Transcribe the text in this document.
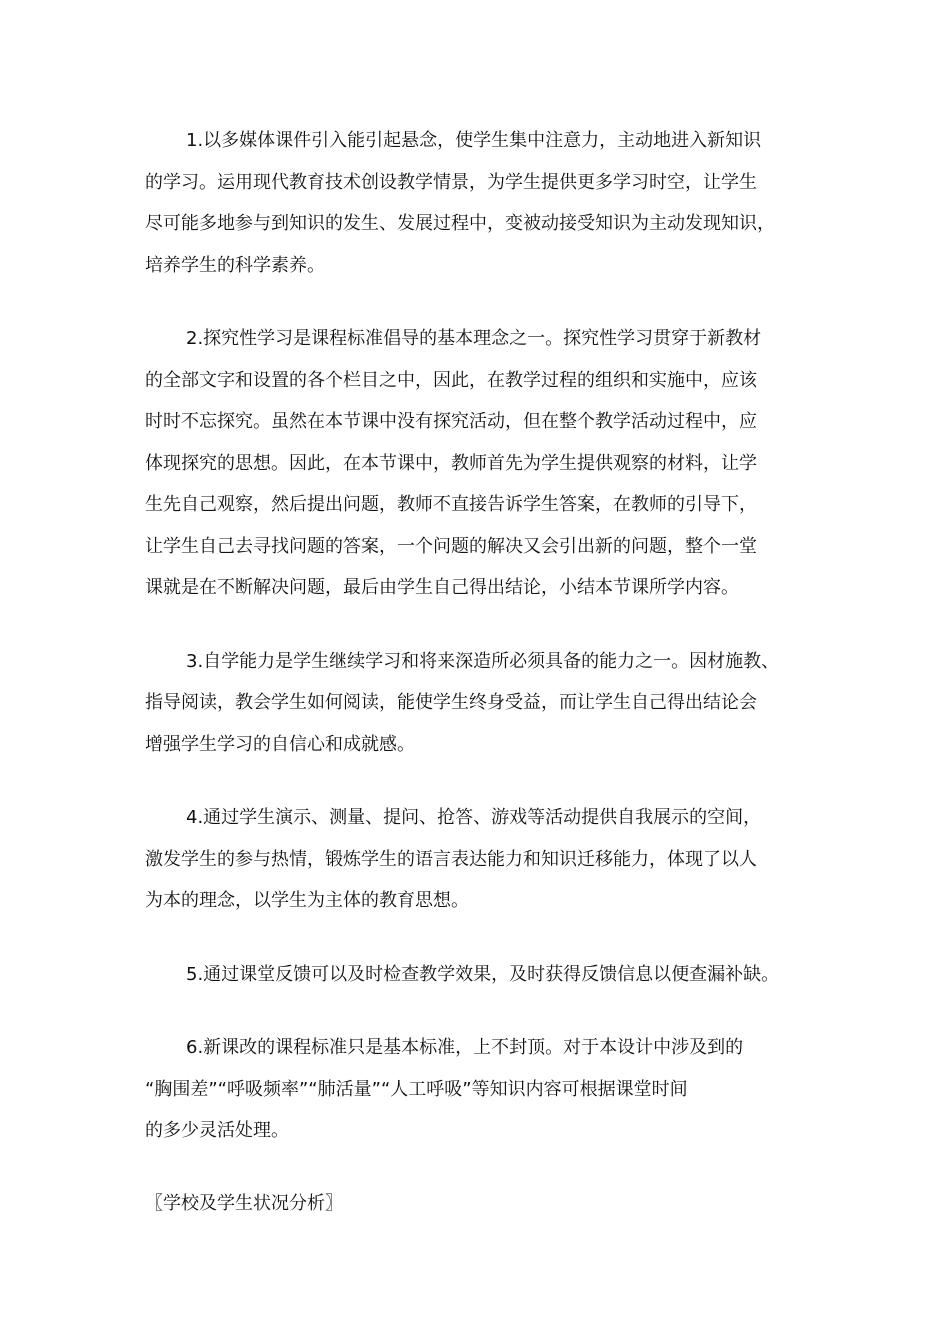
1.以多媒体课件引入能引起悬念，使学生集中注意力，主动地进入新知识
的学习。运用现代教育技术创设教学情景，为学生提供更多学习时空，让学生
尽可能多地参与到知识的发生、发展过程中，变被动接受知识为主动发现知识，
培养学生的科学素养。

2.探究性学习是课程标准倡导的基本理念之一。探究性学习贯穿于新教材
的全部文字和设置的各个栏目之中，因此，在教学过程的组织和实施中，应该
时时不忘探究。虽然在本节课中没有探究活动，但在整个教学活动过程中，应
体现探究的思想。因此，在本节课中，教师首先为学生提供观察的材料，让学
生先自己观察，然后提出问题，教师不直接告诉学生答案，在教师的引导下，
让学生自己去寻找问题的答案，一个问题的解决又会引出新的问题，整个一堂
课就是在不断解决问题，最后由学生自己得出结论，小结本节课所学内容。

3.自学能力是学生继续学习和将来深造所必须具备的能力之一。因材施教、
指导阅读，教会学生如何阅读，能使学生终身受益，而让学生自己得出结论会
增强学生学习的自信心和成就感。

4.通过学生演示、测量、提问、抢答、游戏等活动提供自我展示的空间，
激发学生的参与热情，锻炼学生的语言表达能力和知识迁移能力，体现了以人
为本的理念，以学生为主体的教育思想。

5.通过课堂反馈可以及时检查教学效果，及时获得反馈信息以便查漏补缺。

6.新课改的课程标准只是基本标准，上不封顶。对于本设计中涉及到的
“胸围差”“呼吸频率”“肺活量”“人工呼吸”等知识内容可根据课堂时间
的多少灵活处理。

〖学校及学生状况分析〗
